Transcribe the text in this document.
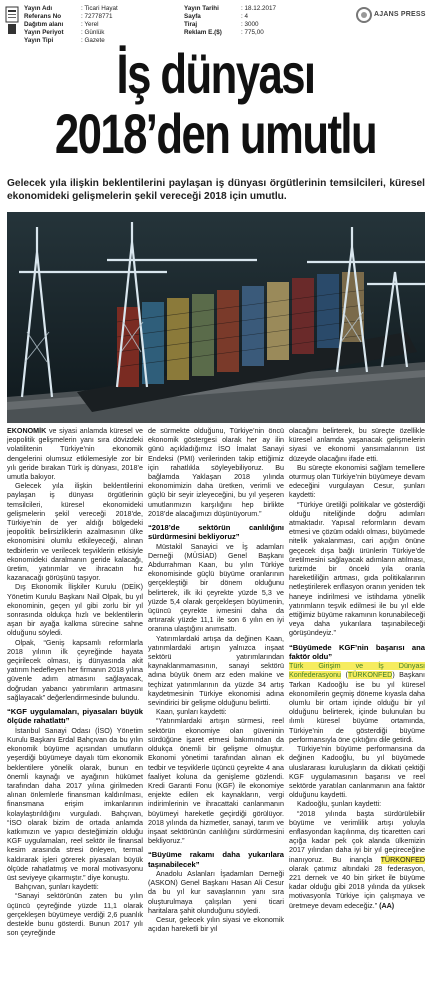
Yayın Adı	: Ticari Hayat
Referans No	: 72778771
Dağıtım alanı	: Yerel
Yayın Periyot	: Günlük
Yayın Tipi	: Gazete
Yayın Tarihi	: 18.12.2017
Sayfa	: 4
Tiraj	: 3000
Reklam E.($)	: 775,00
AJANS PRESS
İş dünyası
2018’den umutlu

Gelecek yıla ilişkin beklentilerini paylaşan iş dünyası örgütlerinin temsilcileri, küresel ekonomideki gelişmelerin şekil vereceği 2018 için umutlu.

EKONOMİK ve siyasi anlamda küresel ve jeopolitik gelişmelerin yanı sıra dövizdeki volatilitenin Türkiye’nin ekonomik dengelerini olumsuz etkilemesiyle zor bir yılı geride bırakan Türk iş dünyası, 2018’e umutla bakıyor.

Gelecek yıla ilişkin beklentilerini paylaşan iş dünyası örgütlerinin temsilcileri, küresel ekonomideki gelişmelerin şekil vereceği 2018’de, Türkiye’nin de yer aldığı bölgedeki jeopolitik belirsizliklerin azalmasının ülke ekonomisini olumlu etkileyeceği, alınan tedbirlerin ve verilecek teşviklerin etkisiyle ekonomideki daralmanın geride kalacağı, üretim, yatırımlar ve ihracatın hız kazanacağı görüşünü taşıyor.

Dış Ekonomik İlişkiler Kurulu (DEİK) Yönetim Kurulu Başkanı Nail Olpak, bu yıl ekonominin, geçen yıl gibi zorlu bir yıl sonrasında oldukça hızlı ve beklentilerin aşan bir ayağa kalkma sürecine sahne olduğunu söyledi.

Olpak, “Geniş kapsamlı reformlarla 2018 yılının ilk çeyreğinde hayata geçirilecek olması, iş dünyasında akit yatırım hedefleyen her firmanın 2018 yılına güvenle adım atmasını sağlayacak, doğrudan yabancı yatırımların artmasını sağlayacak” değerlendirmesinde bulundu.

“KGF uygulamaları, piyasaları büyük ölçüde rahatlattı”

İstanbul Sanayi Odası (İSO) Yönetim Kurulu Başkanı Erdal Bahçıvan da bu yılın ekonomik büyüme açısından umutların yeşerdiği büyümeye dayalı tüm ekonomik beklentilere yönelik olarak, bunun en önemli kaynağı ve ayağının hükümet tarafından daha 2017 yılına girilmeden alınan önlemlerle finansman kaldırılması, finansmana erişim imkanlarının kolaylaştırıldığını vurguladı. Bahçıvan, “İSO olarak bizim de ortada anlamda katkımızın ve yapıcı desteğimizin olduğu KGF uygulamaları, reel sektör ile finansal kesim arasında stresi önleyen, termal kaldırarak işleri görerek piyasaları büyük ölçüde rahatlatmış ve moral motivasyonu üst seviyeye çıkarmıştır.” diye konuştu.

Bahçıvan, şunları kaydetti:

“Sanayi sektörünün zaten bu yılın üçüncü çeyreğinde yüzde 11,1 olarak gerçekleşen büyümeye verdiği 2,6 puanlık destekle bunu gösterdi. Bunun 2017 yılı son çeyreğinde

de sürmekte olduğunu, Türkiye’nin öncü ekonomik göstergesi olarak her ay ilin günü açıkladığımız İSO İmalat Sanayi Endeksi (PMI) verilerinden takip ettiğimiz için rahatlıkla söyleyebiliyoruz. Bu bağlamda Yaklaşan 2018 yılında ekonomimizin daha üretken, verimli ve güçlü bir seyir izleyeceğini, bu yıl yeşeren umutlarımızın karşılığını hep birlikte 2018’de alacağımızı düşünüyorum.”

“2018’de sektörün canlılığını sürdürmesini bekliyoruz”

Müstakil Sanayici ve İş adamları Derneği (MÜSİAD) Genel Başkanı Abdurrahman Kaan, bu yılın Türkiye ekonomisinde güçlü büyüme oranlarının gerçekleştiği bir dönem olduğunu belirterek, ilk iki çeyrekte yüzde 5,3 ve yüzde 5,4 olarak gerçekleşen büyümenin, üçüncü çeyrekte ivmesini daha da artırarak yüzde 11,1 ile son 6 yılın en iyi oranına ulaştığını anımsattı.

Yatırımlardaki artışa da değinen Kaan, yatırımlardaki artışın yalnızca inşaat sektörü yatırımlarından kaynaklanmamasının, sanayi sektörü adına büyük önem arz eden makine ve teçhizat yatırımlarının da yüzde 34 artış kaydetmesinin Türkiye ekonomisi adına sevindirici bir gelişme olduğunu belirtti.

Kaan, şunları kaydetti:

“Yatırımlardaki artışın sürmesi, reel sektörün ekonomiye olan güveninin sürdüğüne işaret etmesi bakımından da oldukça önemli bir gelişme olmuştur. Ekonomi yönetimi tarafından alınan ek tedbir ve teşviklerle üçüncü çeyrekte 4 ana faaliyet koluna da genişleme gözlendi. Kredi Garanti Fonu (KGF) ile ekonomiye enjekte edilen ek kaynakların, vergi indirimlerinin ve ihracattaki canlanmanın büyümeyi hareketle geçirdiği görülüyor. 2018 yılında da hizmetler, sanayi, tarım ve inşaat sektörünün canlılığını sürdürmesini bekliyoruz.”

“Büyüme rakamı daha yukarılara taşınabilecek”

Anadolu Aslanları İşadamları Derneği (ASKON) Genel Başkanı Hasan Ali Cesur da bu yıl kur savaşlarının yanı sıra oluşturulmaya çalışılan yeni ticari haritalara şahit olunduğunu söyledi.

Cesur, gelecek yılın siyasi ve ekonomik açıdan hareketli bir yıl

olacağını belirterek, bu süreçte özellikle küresel anlamda yaşanacak gelişmelerin siyasi ve ekonomi yansımalarının üst düzeyde olacağını ifade etti.

Bu süreçte ekonomisi sağlam temellere oturmuş olan Türkiye’nin büyümeye devam edeceğini vurgulayan Cesur, şunları kaydetti:

“Türkiye üretilği politikalar ve gösterdiği olduğu niteliğinde doğru adımları atmaktadır. Yapısal reformların devam etmesi ve çözüm odaklı olması, büyümede nitelik yakalanması, cari açığın önüne geçecek dışa bağlı ürünlerin Türkiye’de üretilmesini sağlayacak adımların atılması, turizmde bir önceki yıla oranla hareketliliğin artması, gıda politikalarının netleştirilerek enflasyon oranın yeniden tek haneye indirilmesi ve istihdama yönelik yatırımların teşvik edilmesi ile bu yıl elde ettiğimiz büyüme rakamının korunabileceği veya daha yukarılara taşınabileceği görüşündeyiz.”

“Büyümede KGF’nin başarısı ana faktör oldu”

Türk Girişim ve İş Dünyası Konfederasyonu (TÜRKONFED) Başkanı Tarkan Kadooğlu ise bu yıl küresel ekonomilerin geçmiş döneme kıyasla daha olumlu bir ortam içinde olduğu bir yıl olduğunu belirterek, içinde bulunulan bu ılımlı küresel büyüme ortamında, Türkiye’nin de gösterdiği büyüme performansıyla öne çıktığını dile getirdi.

Türkiye’nin büyüme performansına da değinen Kadooğlu, bu yıl büyümede uluslararası kuruluşların da dikkati çektiği KGF uygulamasının başarısı ve reel sektörde yaratılan canlanmanın ana faktör olduğunu kaydetti.

Kadooğlu, şunları kaydetti:

“2018 yılında başta sürdürülebilir büyüme ve verimlilik artışı yoluyla enflasyondan kaçılınma, dış ticaretten cari açığa kadar pek çok alanda ülkemizin 2017 yılından daha iyi bir yıl geçireceğine inanıyoruz. Bu inançla TÜRKONFED olarak çatımız altındaki 28 federasyon, 221 dernek ve 40 bin şirket ile büyüme kadar olduğu gibi 2018 yılında da yüksek motivasyonla Türkiye için çalışmaya ve üretmeye devam edeceğiz.” (AA)
